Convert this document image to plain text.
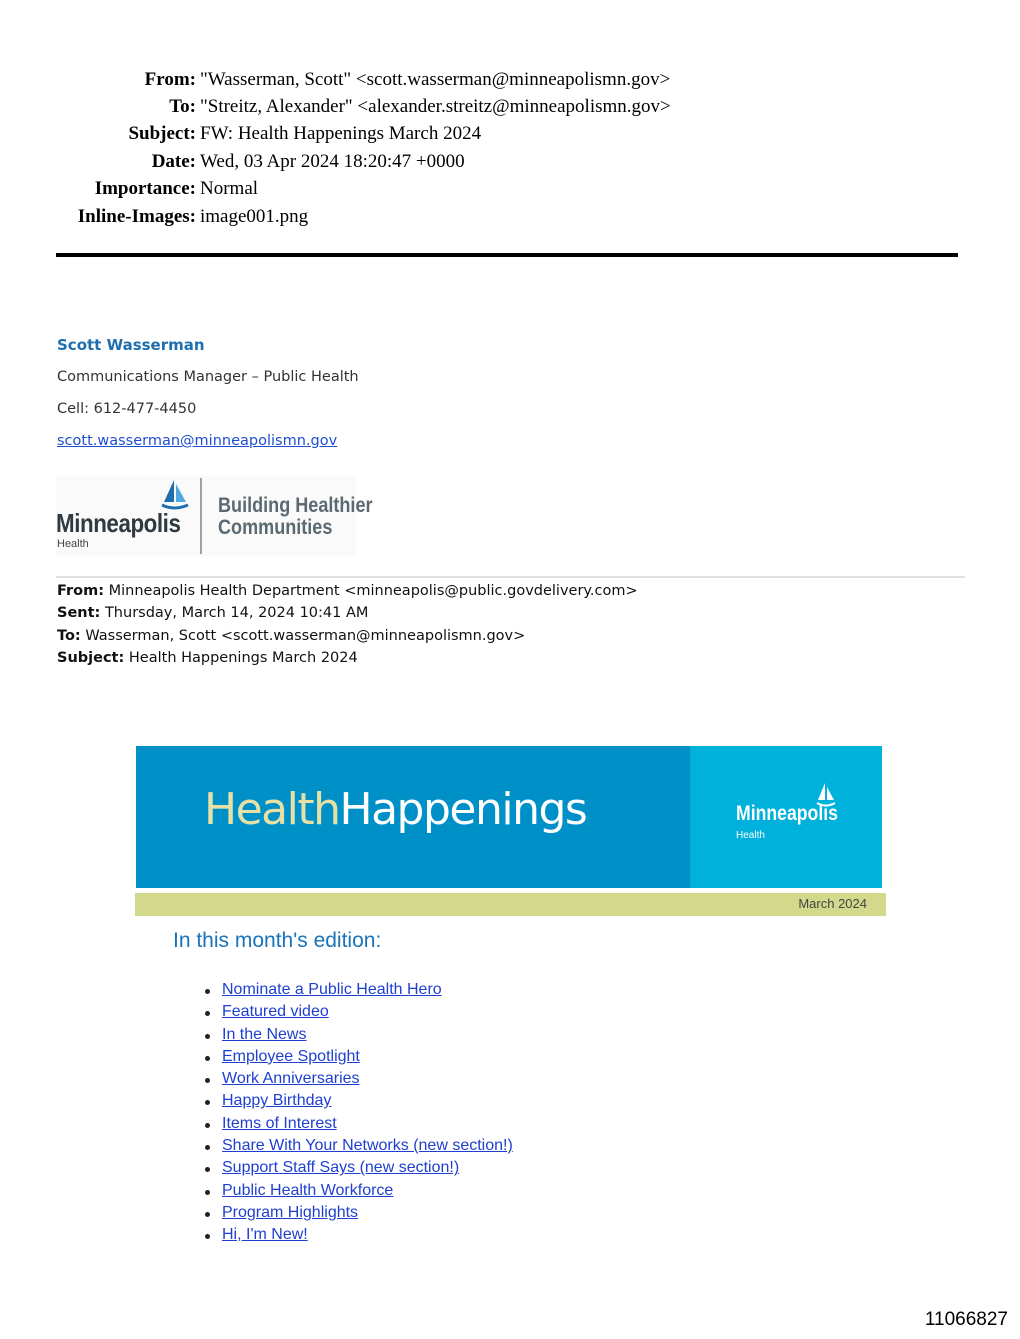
From:	"Wasserman, Scott" <scott.wasserman@minneapolismn.gov>
To:	"Streitz, Alexander" <alexander.streitz@minneapolismn.gov>
Subject:	FW: Health Happenings March 2024
Date:	Wed, 03 Apr 2024 18:20:47 +0000
Importance:	Normal
Inline-Images:	image001.png
Scott Wasserman
Communications Manager – Public Health
Cell: 612-477-4450
scott.wasserman@minneapolismn.gov
Minneapolis
Health
Building Healthier
Communities
From: Minneapolis Health Department <minneapolis@public.govdelivery.com>
Sent: Thursday, March 14, 2024 10:41 AM
To: Wasserman, Scott <scott.wasserman@minneapolismn.gov>
Subject: Health Happenings March 2024
HealthHappenings	Minneapolis
Health
March 2024
In this month's edition:
Nominate a Public Health Hero
Featured video
In the News
Employee Spotlight
Work Anniversaries
Happy Birthday
Items of Interest
Share With Your Networks (new section!)
Support Staff Says (new section!)
Public Health Workforce
Program Highlights
Hi, I'm New!
11066827
